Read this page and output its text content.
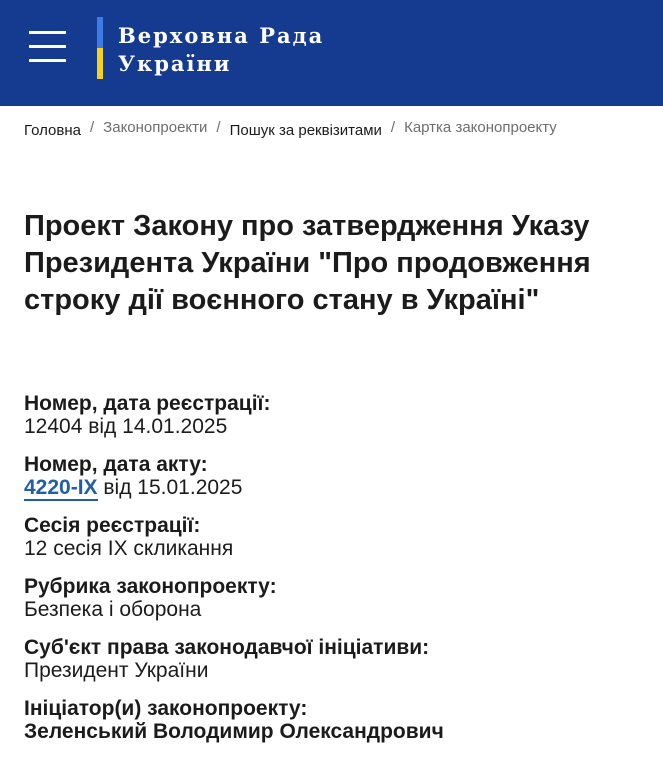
Верховна Рада
України
Головна / Законопроекти / Пошук за реквізитами / Картка законопроекту
Проект Закону про затвердження Указу Президента України "Про продовження строку дії воєнного стану в Україні"
Номер, дата реєстрації:
12404 від 14.01.2025
Номер, дата акту:
4220-IX від 15.01.2025
Сесія реєстрації:
12 сесія IX скликання
Рубрика законопроекту:
Безпека і оборона
Суб'єкт права законодавчої ініціативи:
Президент України
Ініціатор(и) законопроекту:
Зеленський Володимир Олександрович
